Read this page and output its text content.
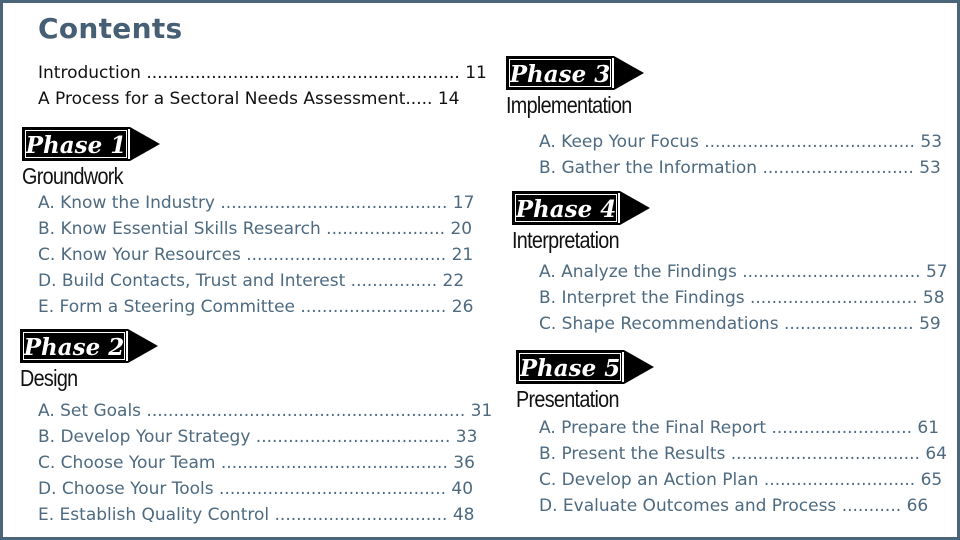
Contents
Introduction .......................................................... 11
A Process for a Sectoral Needs Assessment..... 14
Phase 1
Groundwork
A. Know the Industry .......................................... 17
B. Know Essential Skills Research ...................... 20
C. Know Your Resources ..................................... 21
D. Build Contacts, Trust and Interest ................ 22
E. Form a Steering Committee ........................... 26
Phase 2
Design
A. Set Goals ........................................................... 31
B. Develop Your Strategy .................................... 33
C. Choose Your Team .......................................... 36
D. Choose Your Tools .......................................... 40
E. Establish Quality Control ................................ 48
Phase 3
Implementation
A. Keep Your Focus ....................................... 53
B. Gather the Information ............................ 53
Phase 4
Interpretation
A. Analyze the Findings ................................. 57
B. Interpret the Findings ............................... 58
C. Shape Recommendations ........................ 59
Phase 5
Presentation
A. Prepare the Final Report .......................... 61
B. Present the Results ................................... 64
C. Develop an Action Plan ............................ 65
D. Evaluate Outcomes and Process ........... 66
